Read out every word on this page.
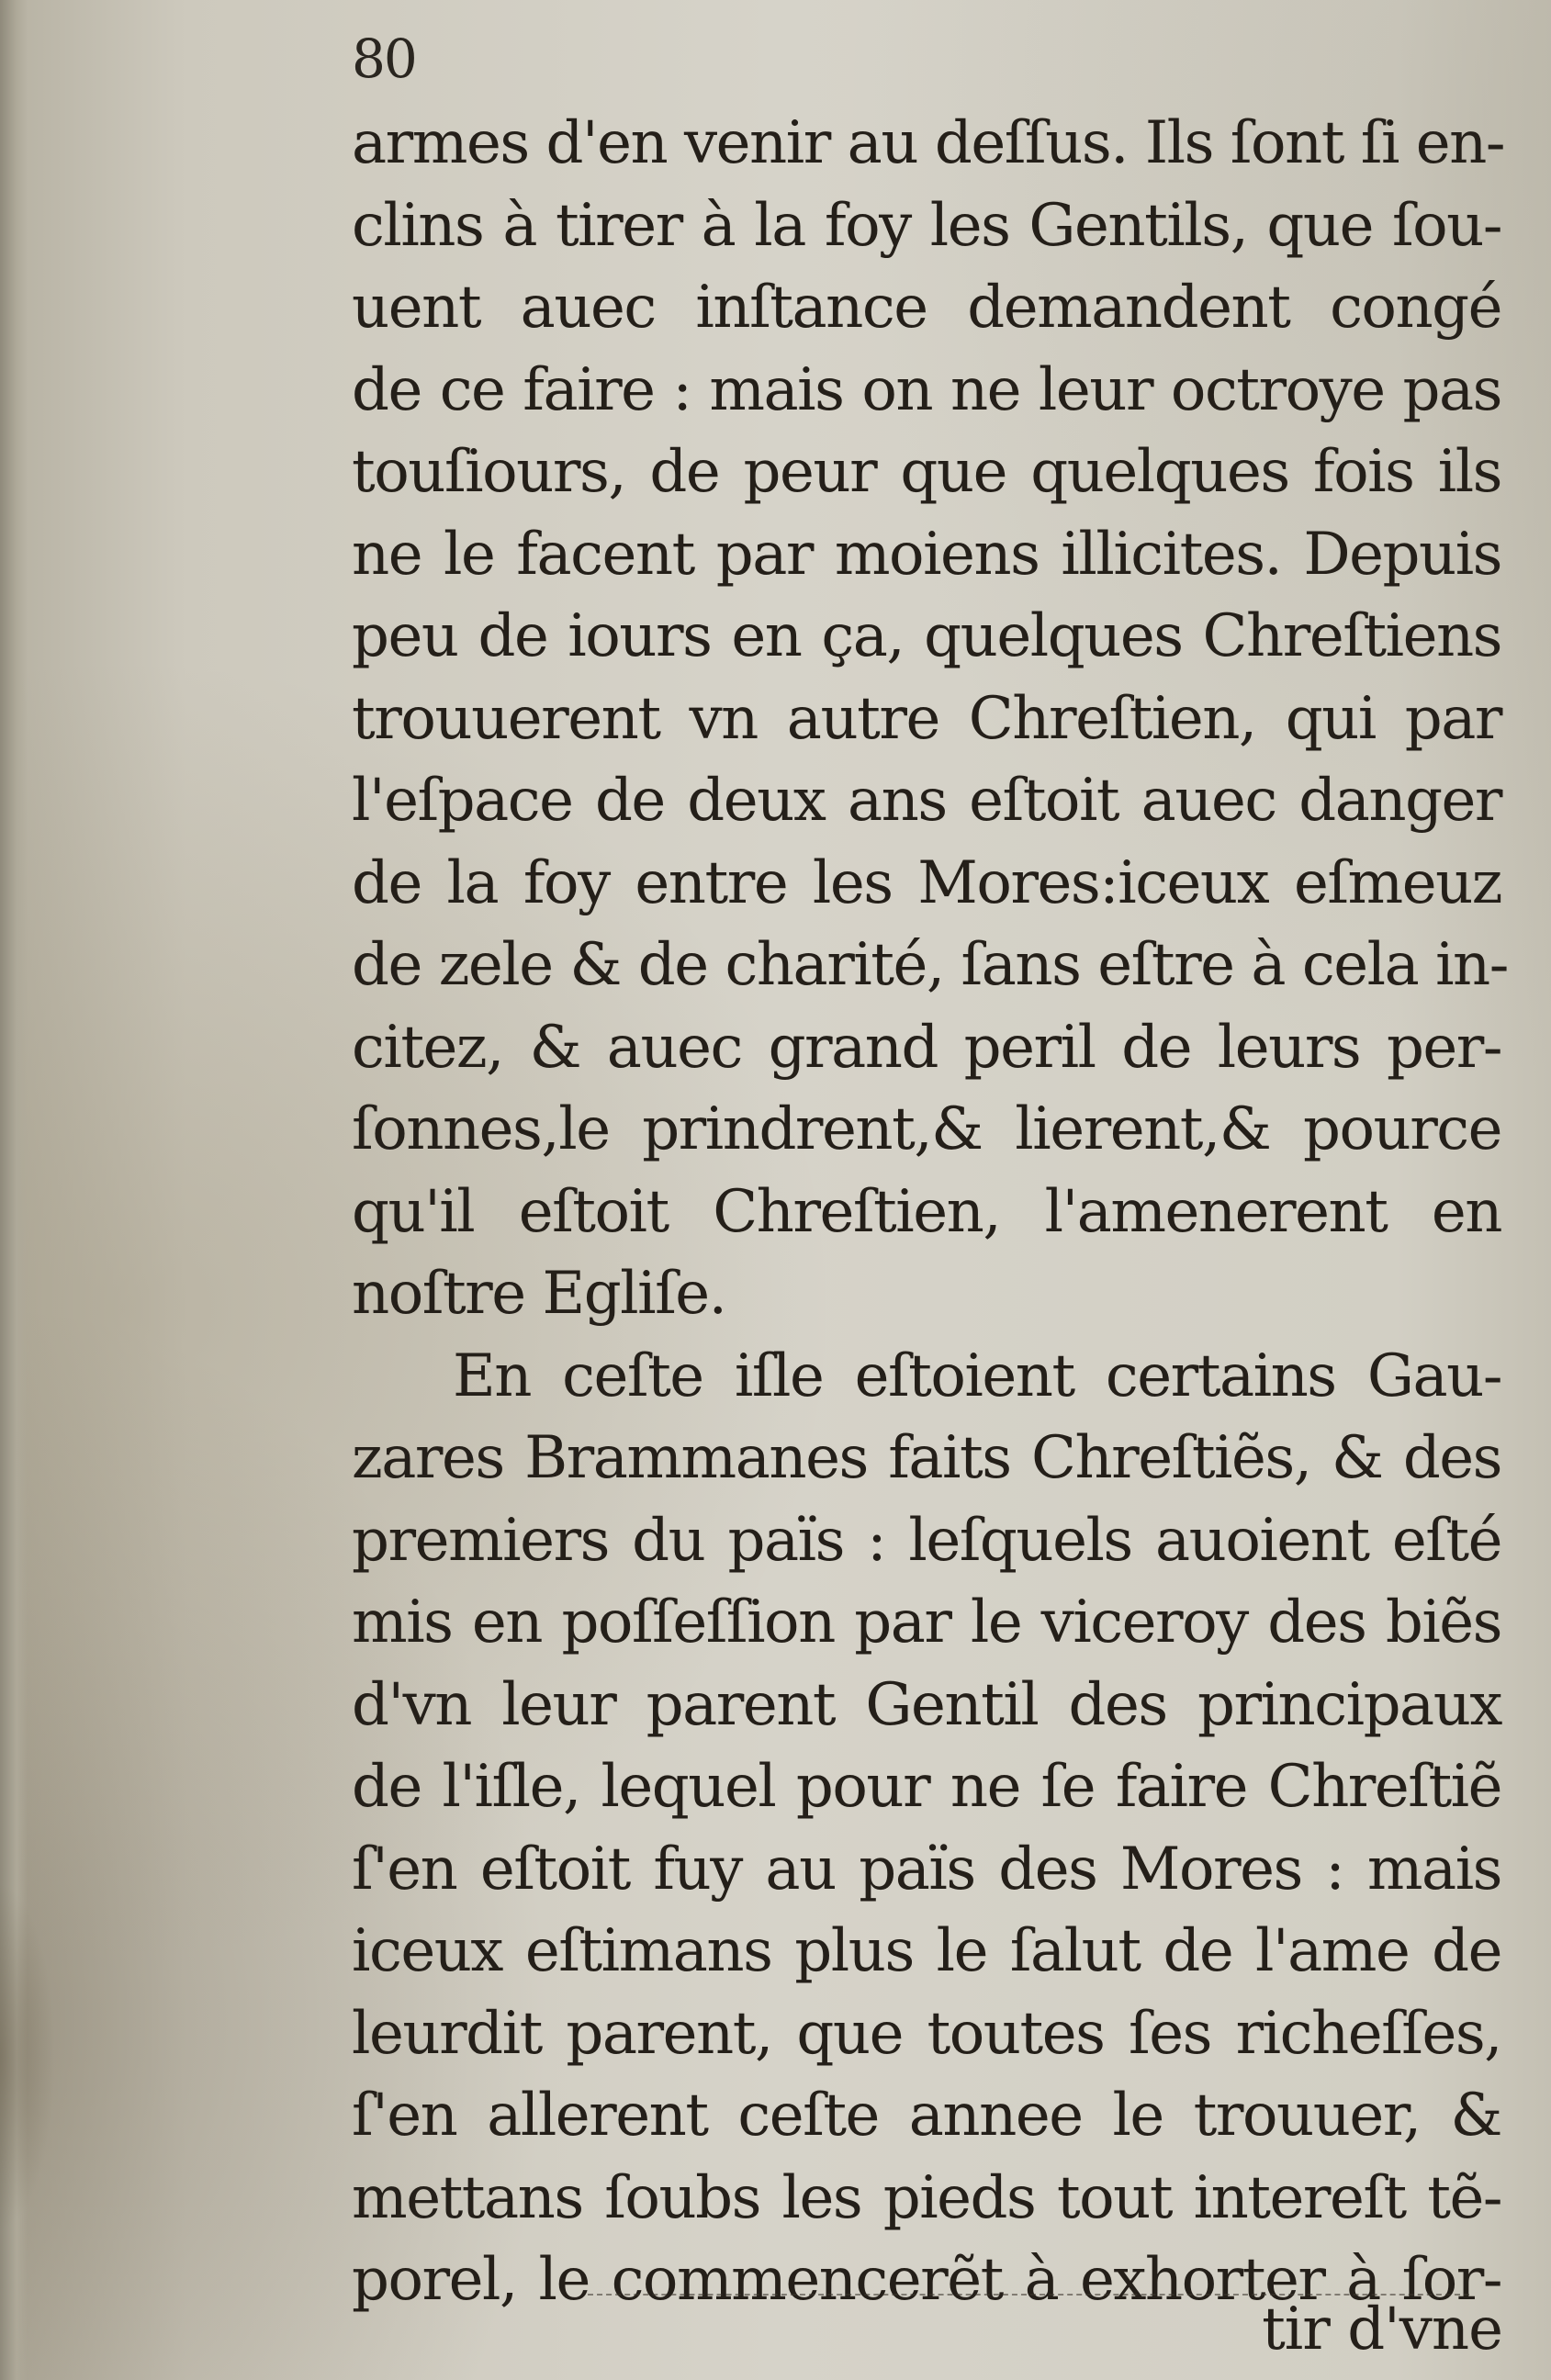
80
armes d'en venir au deſſus. Ils ſont ſi en-
clins à tirer à la foy les Gentils, que ſou-
uent auec inſtance demandent congé
de ce faire : mais on ne leur octroye pas
touſiours, de peur que quelques fois ils
ne le facent par moiens illicites. Depuis
peu de iours en ça, quelques Chreſtiens
trouuerent vn autre Chreſtien, qui par
l'eſpace de deux ans eſtoit auec danger
de la foy entre les Mores:iceux eſmeuz
de zele & de charité, ſans eſtre à cela in-
citez, & auec grand peril de leurs per-
ſonnes,le prindrent,& lierent,& pource
qu'il eſtoit Chreſtien, l'amenerent en
noſtre Egliſe.
En ceſte iſle eſtoient certains Gau-
zares Brammanes faits Chreſtiẽs, & des
premiers du païs : leſquels auoient eſté
mis en poſſeſſion par le viceroy des biẽs
d'vn leur parent Gentil des principaux
de l'iſle, lequel pour ne ſe faire Chreſtiẽ
ſ'en eſtoit fuy au païs des Mores : mais
iceux eſtimans plus le ſalut de l'ame de
leurdit parent, que toutes ſes richeſſes,
ſ'en allerent ceſte annee le trouuer, &
mettans ſoubs les pieds tout intereſt tẽ-
porel, le commencerẽt à exhorter à ſor-
tir d'vne
